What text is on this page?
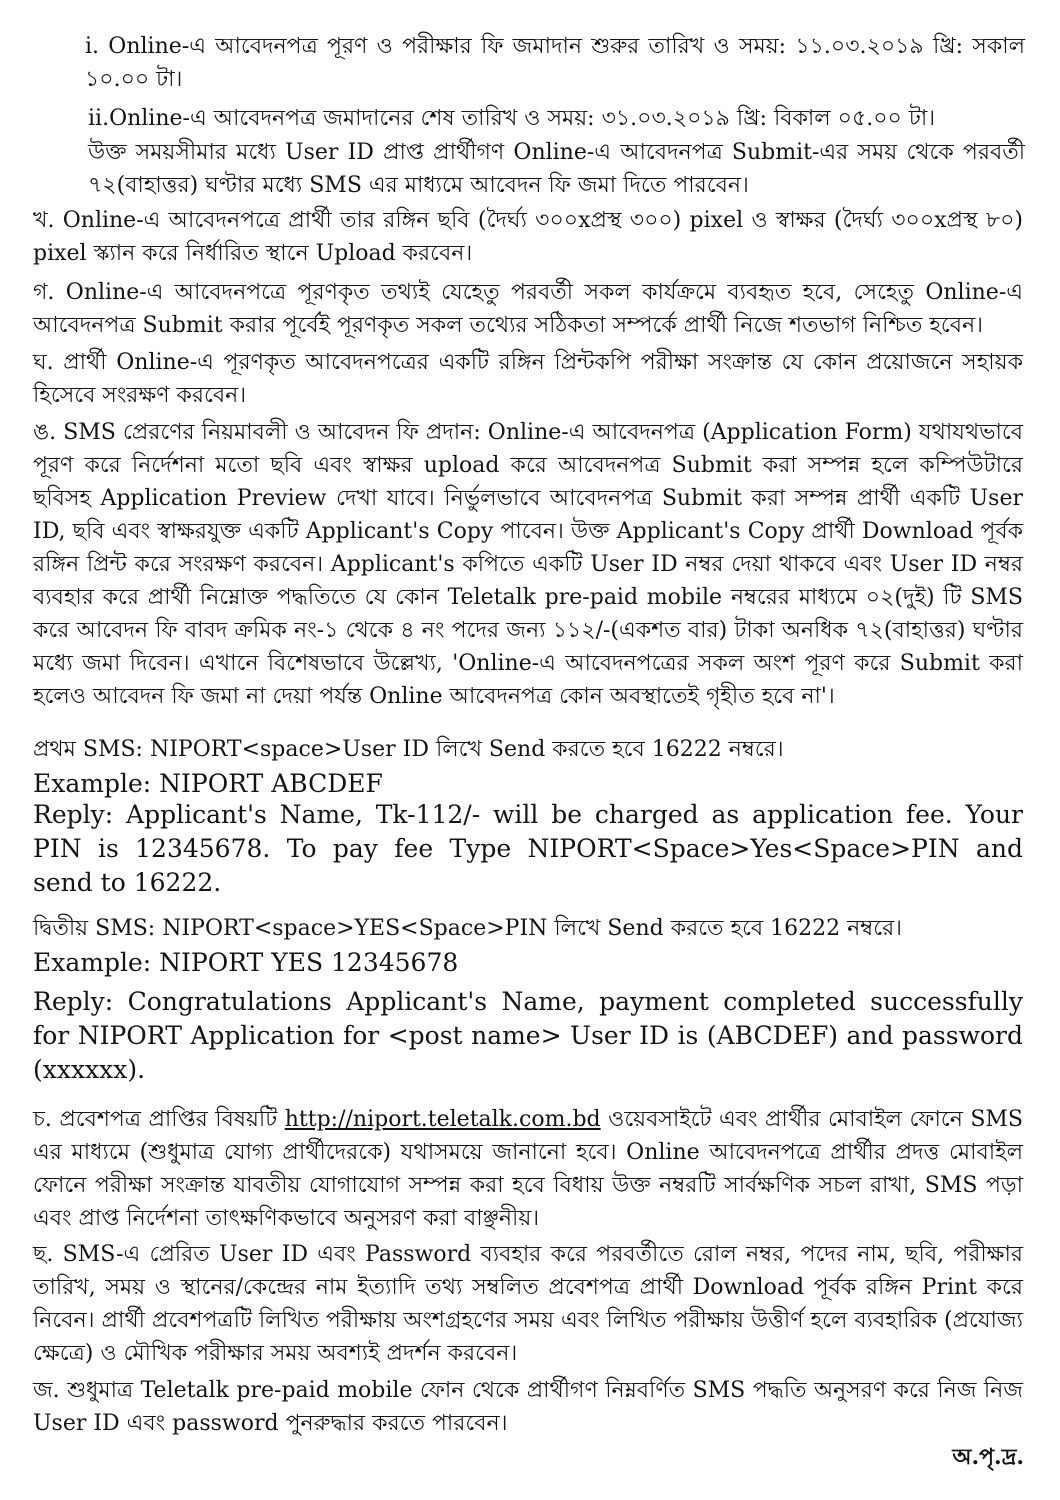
i. Online-এ আবেদনপত্র পূরণ ও পরীক্ষার ফি জমাদান শুরুর তারিখ ও সময়: ১১.০৩.২০১৯ খ্রি: সকাল ১০.০০ টা।

ii.Online-এ আবেদনপত্র জমাদানের শেষ তারিখ ও সময়: ৩১.০৩.২০১৯ খ্রি: বিকাল ০৫.০০ টা।

উক্ত সময়সীমার মধ্যে User ID প্রাপ্ত প্রার্থীগণ Online-এ আবেদনপত্র Submit-এর সময় থেকে পরবর্তী ৭২(বাহাত্তর) ঘণ্টার মধ্যে SMS এর মাধ্যমে আবেদন ফি জমা দিতে পারবেন।

খ. Online-এ আবেদনপত্রে প্রার্থী তার রঙ্গিন ছবি (দৈর্ঘ্য ৩০০xপ্রস্থ ৩০০) pixel ও স্বাক্ষর (দৈর্ঘ্য ৩০০xপ্রস্থ ৮০) pixel স্ক্যান করে নির্ধারিত স্থানে Upload করবেন।

গ. Online-এ আবেদনপত্রে পূরণকৃত তথ্যই যেহেতু পরবর্তী সকল কার্যক্রমে ব্যবহৃত হবে, সেহেতু Online-এ আবেদনপত্র Submit করার পূর্বেই পূরণকৃত সকল তথ্যের সঠিকতা সম্পর্কে প্রার্থী নিজে শতভাগ নিশ্চিত হবেন।

ঘ. প্রার্থী Online-এ পূরণকৃত আবেদনপত্রের একটি রঙ্গিন প্রিন্টকপি পরীক্ষা সংক্রান্ত যে কোন প্রয়োজনে সহায়ক হিসেবে সংরক্ষণ করবেন।

ঙ. SMS প্রেরণের নিয়মাবলী ও আবেদন ফি প্রদান: Online-এ আবেদনপত্র (Application Form) যথাযথভাবে পূরণ করে নির্দেশনা মতো ছবি এবং স্বাক্ষর upload করে আবেদনপত্র Submit করা সম্পন্ন হলে কম্পিউটারে ছবিসহ Application Preview দেখা যাবে। নির্ভুলভাবে আবেদনপত্র Submit করা সম্পন্ন প্রার্থী একটি User ID, ছবি এবং স্বাক্ষরযুক্ত একটি Applicant's Copy পাবেন। উক্ত Applicant's Copy প্রার্থী Download পূর্বক রঙ্গিন প্রিন্ট করে সংরক্ষণ করবেন। Applicant's কপিতে একটি User ID নম্বর দেয়া থাকবে এবং User ID নম্বর ব্যবহার করে প্রার্থী নিম্নোক্ত পদ্ধতিতে যে কোন Teletalk pre-paid mobile নম্বরের মাধ্যমে ০২(দুই) টি SMS করে আবেদন ফি বাবদ ক্রমিক নং-১ থেকে ৪ নং পদের জন্য ১১২/-(একশত বার) টাকা অনধিক ৭২(বাহাত্তর) ঘণ্টার মধ্যে জমা দিবেন। এখানে বিশেষভাবে উল্লেখ্য, 'Online-এ আবেদনপত্রের সকল অংশ পূরণ করে Submit করা হলেও আবেদন ফি জমা না দেয়া পর্যন্ত Online আবেদনপত্র কোন অবস্থাতেই গৃহীত হবে না'।

প্রথম SMS: NIPORT<space>User ID লিখে Send করতে হবে 16222 নম্বরে।

Example: NIPORT ABCDEF

Reply: Applicant's Name, Tk-112/- will be charged as application fee. Your PIN is 12345678. To pay fee Type NIPORT<Space>Yes<Space>PIN and send to 16222.

দ্বিতীয় SMS: NIPORT<space>YES<Space>PIN লিখে Send করতে হবে 16222 নম্বরে।

Example: NIPORT YES 12345678

Reply: Congratulations Applicant's Name, payment completed successfully for NIPORT Application for <post name> User ID is (ABCDEF) and password (xxxxxx).

চ. প্রবেশপত্র প্রাপ্তির বিষয়টি http://niport.teletalk.com.bd ওয়েবসাইটে এবং প্রার্থীর মোবাইল ফোনে SMS এর মাধ্যমে (শুধুমাত্র যোগ্য প্রার্থীদেরকে) যথাসময়ে জানানো হবে। Online আবেদনপত্রে প্রার্থীর প্রদত্ত মোবাইল ফোনে পরীক্ষা সংক্রান্ত যাবতীয় যোগাযোগ সম্পন্ন করা হবে বিধায় উক্ত নম্বরটি সার্বক্ষণিক সচল রাখা, SMS পড়া এবং প্রাপ্ত নির্দেশনা তাৎক্ষণিকভাবে অনুসরণ করা বাঞ্ছনীয়।

ছ. SMS-এ প্রেরিত User ID এবং Password ব্যবহার করে পরবর্তীতে রোল নম্বর, পদের নাম, ছবি, পরীক্ষার তারিখ, সময় ও স্থানের/কেন্দ্রের নাম ইত্যাদি তথ্য সম্বলিত প্রবেশপত্র প্রার্থী Download পূর্বক রঙ্গিন Print করে নিবেন। প্রার্থী প্রবেশপত্রটি লিখিত পরীক্ষায় অংশগ্রহণের সময় এবং লিখিত পরীক্ষায় উত্তীর্ণ হলে ব্যবহারিক (প্রযোজ্য ক্ষেত্রে) ও মৌখিক পরীক্ষার সময় অবশ্যই প্রদর্শন করবেন।

জ. শুধুমাত্র Teletalk pre-paid mobile ফোন থেকে প্রার্থীগণ নিম্নবর্ণিত SMS পদ্ধতি অনুসরণ করে নিজ নিজ User ID এবং password পুনরুদ্ধার করতে পারবেন।

অ.পৃ.দ্র.
